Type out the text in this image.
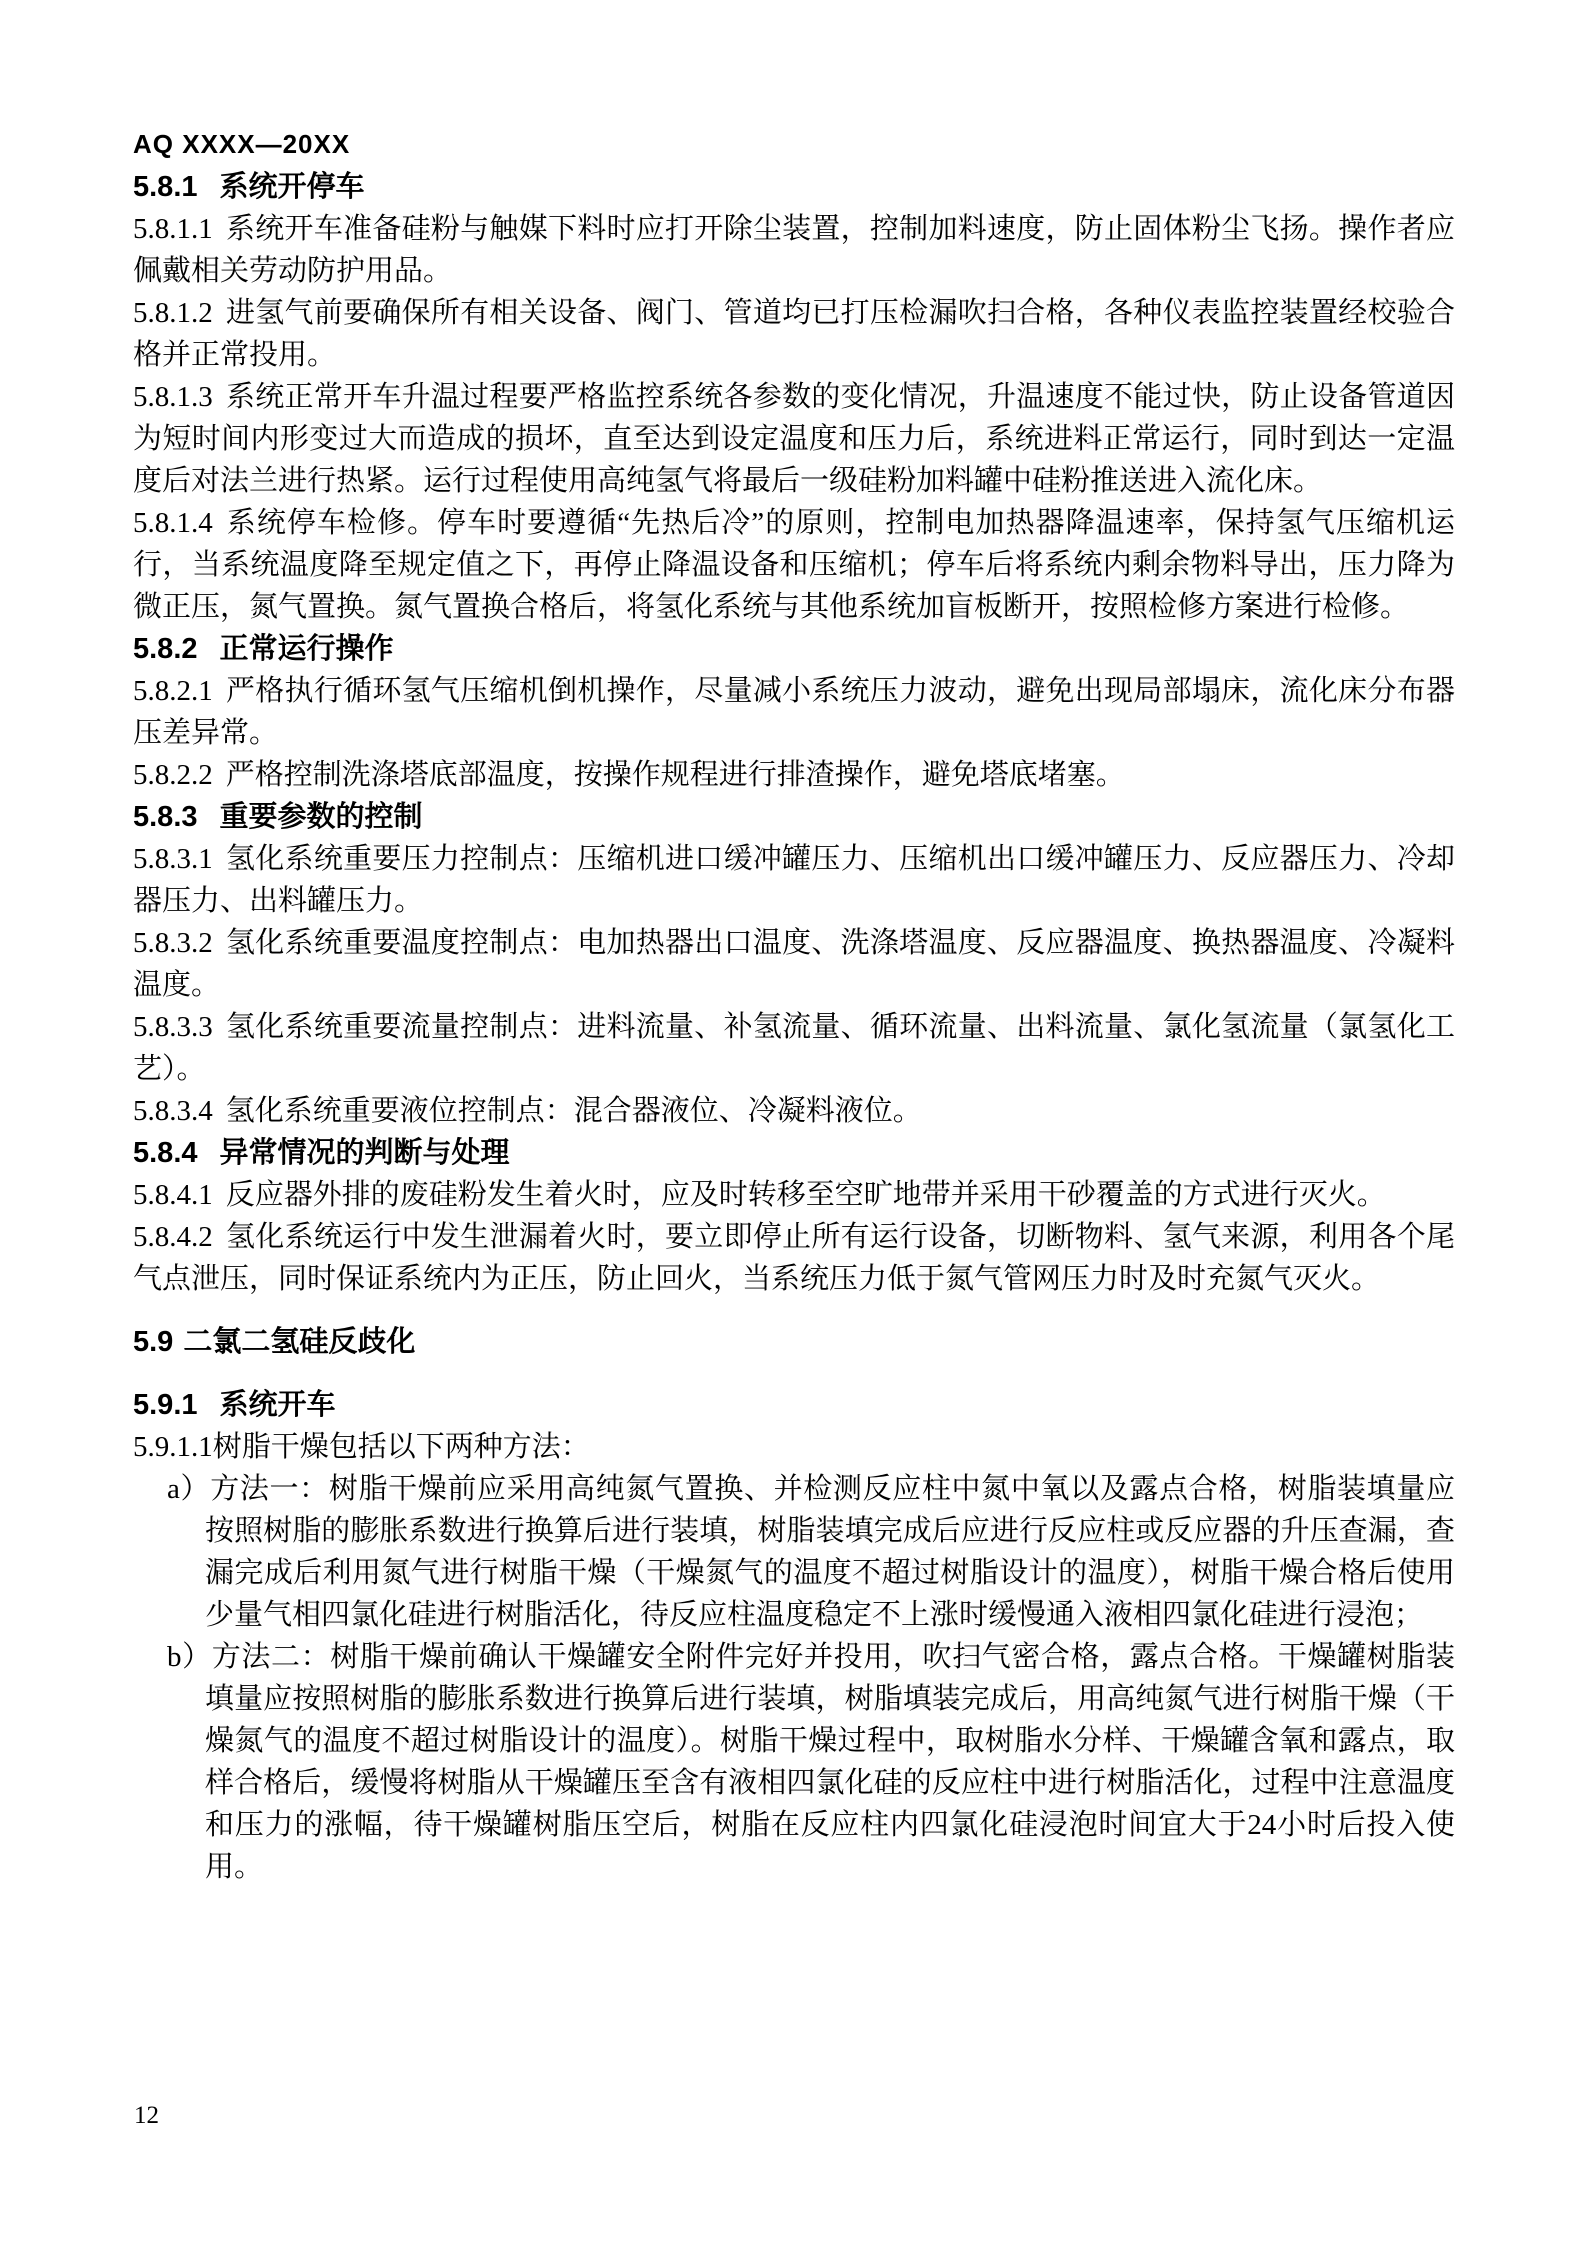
AQ XXXX—20XX

5.8.1 系统开停车

5.8.1.1 系统开车准备硅粉与触媒下料时应打开除尘装置，控制加料速度，防止固体粉尘飞扬。操作者应佩戴相关劳动防护用品。

5.8.1.2 进氢气前要确保所有相关设备、阀门、管道均已打压检漏吹扫合格，各种仪表监控装置经校验合格并正常投用。

5.8.1.3 系统正常开车升温过程要严格监控系统各参数的变化情况，升温速度不能过快，防止设备管道因为短时间内形变过大而造成的损坏，直至达到设定温度和压力后，系统进料正常运行，同时到达一定温度后对法兰进行热紧。运行过程使用高纯氢气将最后一级硅粉加料罐中硅粉推送进入流化床。

5.8.1.4 系统停车检修。停车时要遵循“先热后冷”的原则，控制电加热器降温速率，保持氢气压缩机运行，当系统温度降至规定值之下，再停止降温设备和压缩机；停车后将系统内剩余物料导出，压力降为微正压，氮气置换。氮气置换合格后，将氢化系统与其他系统加盲板断开，按照检修方案进行检修。

5.8.2 正常运行操作

5.8.2.1 严格执行循环氢气压缩机倒机操作，尽量减小系统压力波动，避免出现局部塌床，流化床分布器压差异常。

5.8.2.2 严格控制洗涤塔底部温度，按操作规程进行排渣操作，避免塔底堵塞。

5.8.3 重要参数的控制

5.8.3.1 氢化系统重要压力控制点：压缩机进口缓冲罐压力、压缩机出口缓冲罐压力、反应器压力、冷却器压力、出料罐压力。

5.8.3.2 氢化系统重要温度控制点：电加热器出口温度、洗涤塔温度、反应器温度、换热器温度、冷凝料温度。

5.8.3.3 氢化系统重要流量控制点：进料流量、补氢流量、循环流量、出料流量、氯化氢流量（氯氢化工艺）。

5.8.3.4 氢化系统重要液位控制点：混合器液位、冷凝料液位。

5.8.4 异常情况的判断与处理

5.8.4.1 反应器外排的废硅粉发生着火时，应及时转移至空旷地带并采用干砂覆盖的方式进行灭火。

5.8.4.2 氢化系统运行中发生泄漏着火时，要立即停止所有运行设备，切断物料、氢气来源，利用各个尾气点泄压，同时保证系统内为正压，防止回火，当系统压力低于氮气管网压力时及时充氮气灭火。

5.9 二氯二氢硅反歧化

5.9.1 系统开车

5.9.1.1树脂干燥包括以下两种方法：

a）方法一：树脂干燥前应采用高纯氮气置换、并检测反应柱中氮中氧以及露点合格，树脂装填量应按照树脂的膨胀系数进行换算后进行装填，树脂装填完成后应进行反应柱或反应器的升压查漏，查漏完成后利用氮气进行树脂干燥（干燥氮气的温度不超过树脂设计的温度），树脂干燥合格后使用少量气相四氯化硅进行树脂活化，待反应柱温度稳定不上涨时缓慢通入液相四氯化硅进行浸泡；

b）方法二：树脂干燥前确认干燥罐安全附件完好并投用，吹扫气密合格，露点合格。干燥罐树脂装填量应按照树脂的膨胀系数进行换算后进行装填，树脂填装完成后，用高纯氮气进行树脂干燥（干燥氮气的温度不超过树脂设计的温度）。树脂干燥过程中，取树脂水分样、干燥罐含氧和露点，取样合格后，缓慢将树脂从干燥罐压至含有液相四氯化硅的反应柱中进行树脂活化，过程中注意温度和压力的涨幅，待干燥罐树脂压空后，树脂在反应柱内四氯化硅浸泡时间宜大于24小时后投入使用。

12
